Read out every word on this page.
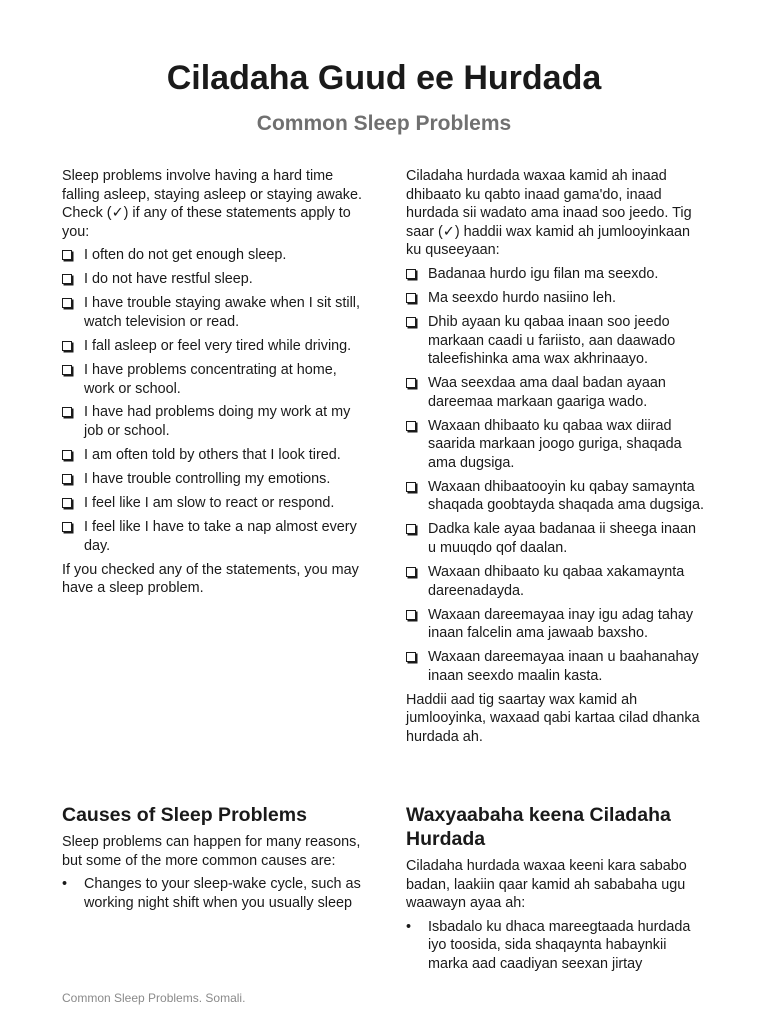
Ciladaha Guud ee Hurdada
Common Sleep Problems

Sleep problems involve having a hard time falling asleep, staying asleep or staying awake. Check (✓) if any of these statements apply to you:

I often do not get enough sleep.
I do not have restful sleep.
I have trouble staying awake when I sit still, watch television or read.
I fall asleep or feel very tired while driving.
I have problems concentrating at home, work or school.
I have had problems doing my work at my job or school.
I am often told by others that I look tired.
I have trouble controlling my emotions.
I feel like I am slow to react or respond.
I feel like I have to take a nap almost every day.

If you checked any of the statements, you may have a sleep problem.

Ciladaha hurdada waxaa kamid ah inaad dhibaato ku qabto inaad gama'do, inaad hurdada sii wadato ama inaad soo jeedo. Tig saar (✓) haddii wax kamid ah jumlooyinkaan ku quseeyaan:

Badanaa hurdo igu filan ma seexdo.
Ma seexdo hurdo nasiino leh.
Dhib ayaan ku qabaa inaan soo jeedo markaan caadi u fariisto, aan daawado taleefishinka ama wax akhrinaayo.
Waa seexdaa ama daal badan ayaan dareemaa markaan gaariga wado.
Waxaan dhibaato ku qabaa wax diirad saarida markaan joogo guriga, shaqada ama dugsiga.
Waxaan dhibaatooyin ku qabay samaynta shaqada goobtayda shaqada ama dugsiga.
Dadka kale ayaa badanaa ii sheega inaan u muuqdo qof daalan.
Waxaan dhibaato ku qabaa xakamaynta dareenadayda.
Waxaan dareemayaa inay igu adag tahay inaan falcelin ama jawaab baxsho.
Waxaan dareemayaa inaan u baahanahay inaan seexdo maalin kasta.

Haddii aad tig saartay wax kamid ah jumlooyinka, waxaad qabi kartaa cilad dhanka hurdada ah.

Causes of Sleep Problems

Sleep problems can happen for many reasons, but some of the more common causes are:

• Changes to your sleep-wake cycle, such as working night shift when you usually sleep
Waxyaabaha keena Ciladaha Hurdada

Ciladaha hurdada waxaa keeni kara sababo badan, laakiin qaar kamid ah sababaha ugu waawayn ayaa ah:

• Isbadalo ku dhaca mareegtaada hurdada iyo toosida, sida shaqaynta habaynkii marka aad caadiyan seexan jirtay
Common Sleep Problems. Somali.
